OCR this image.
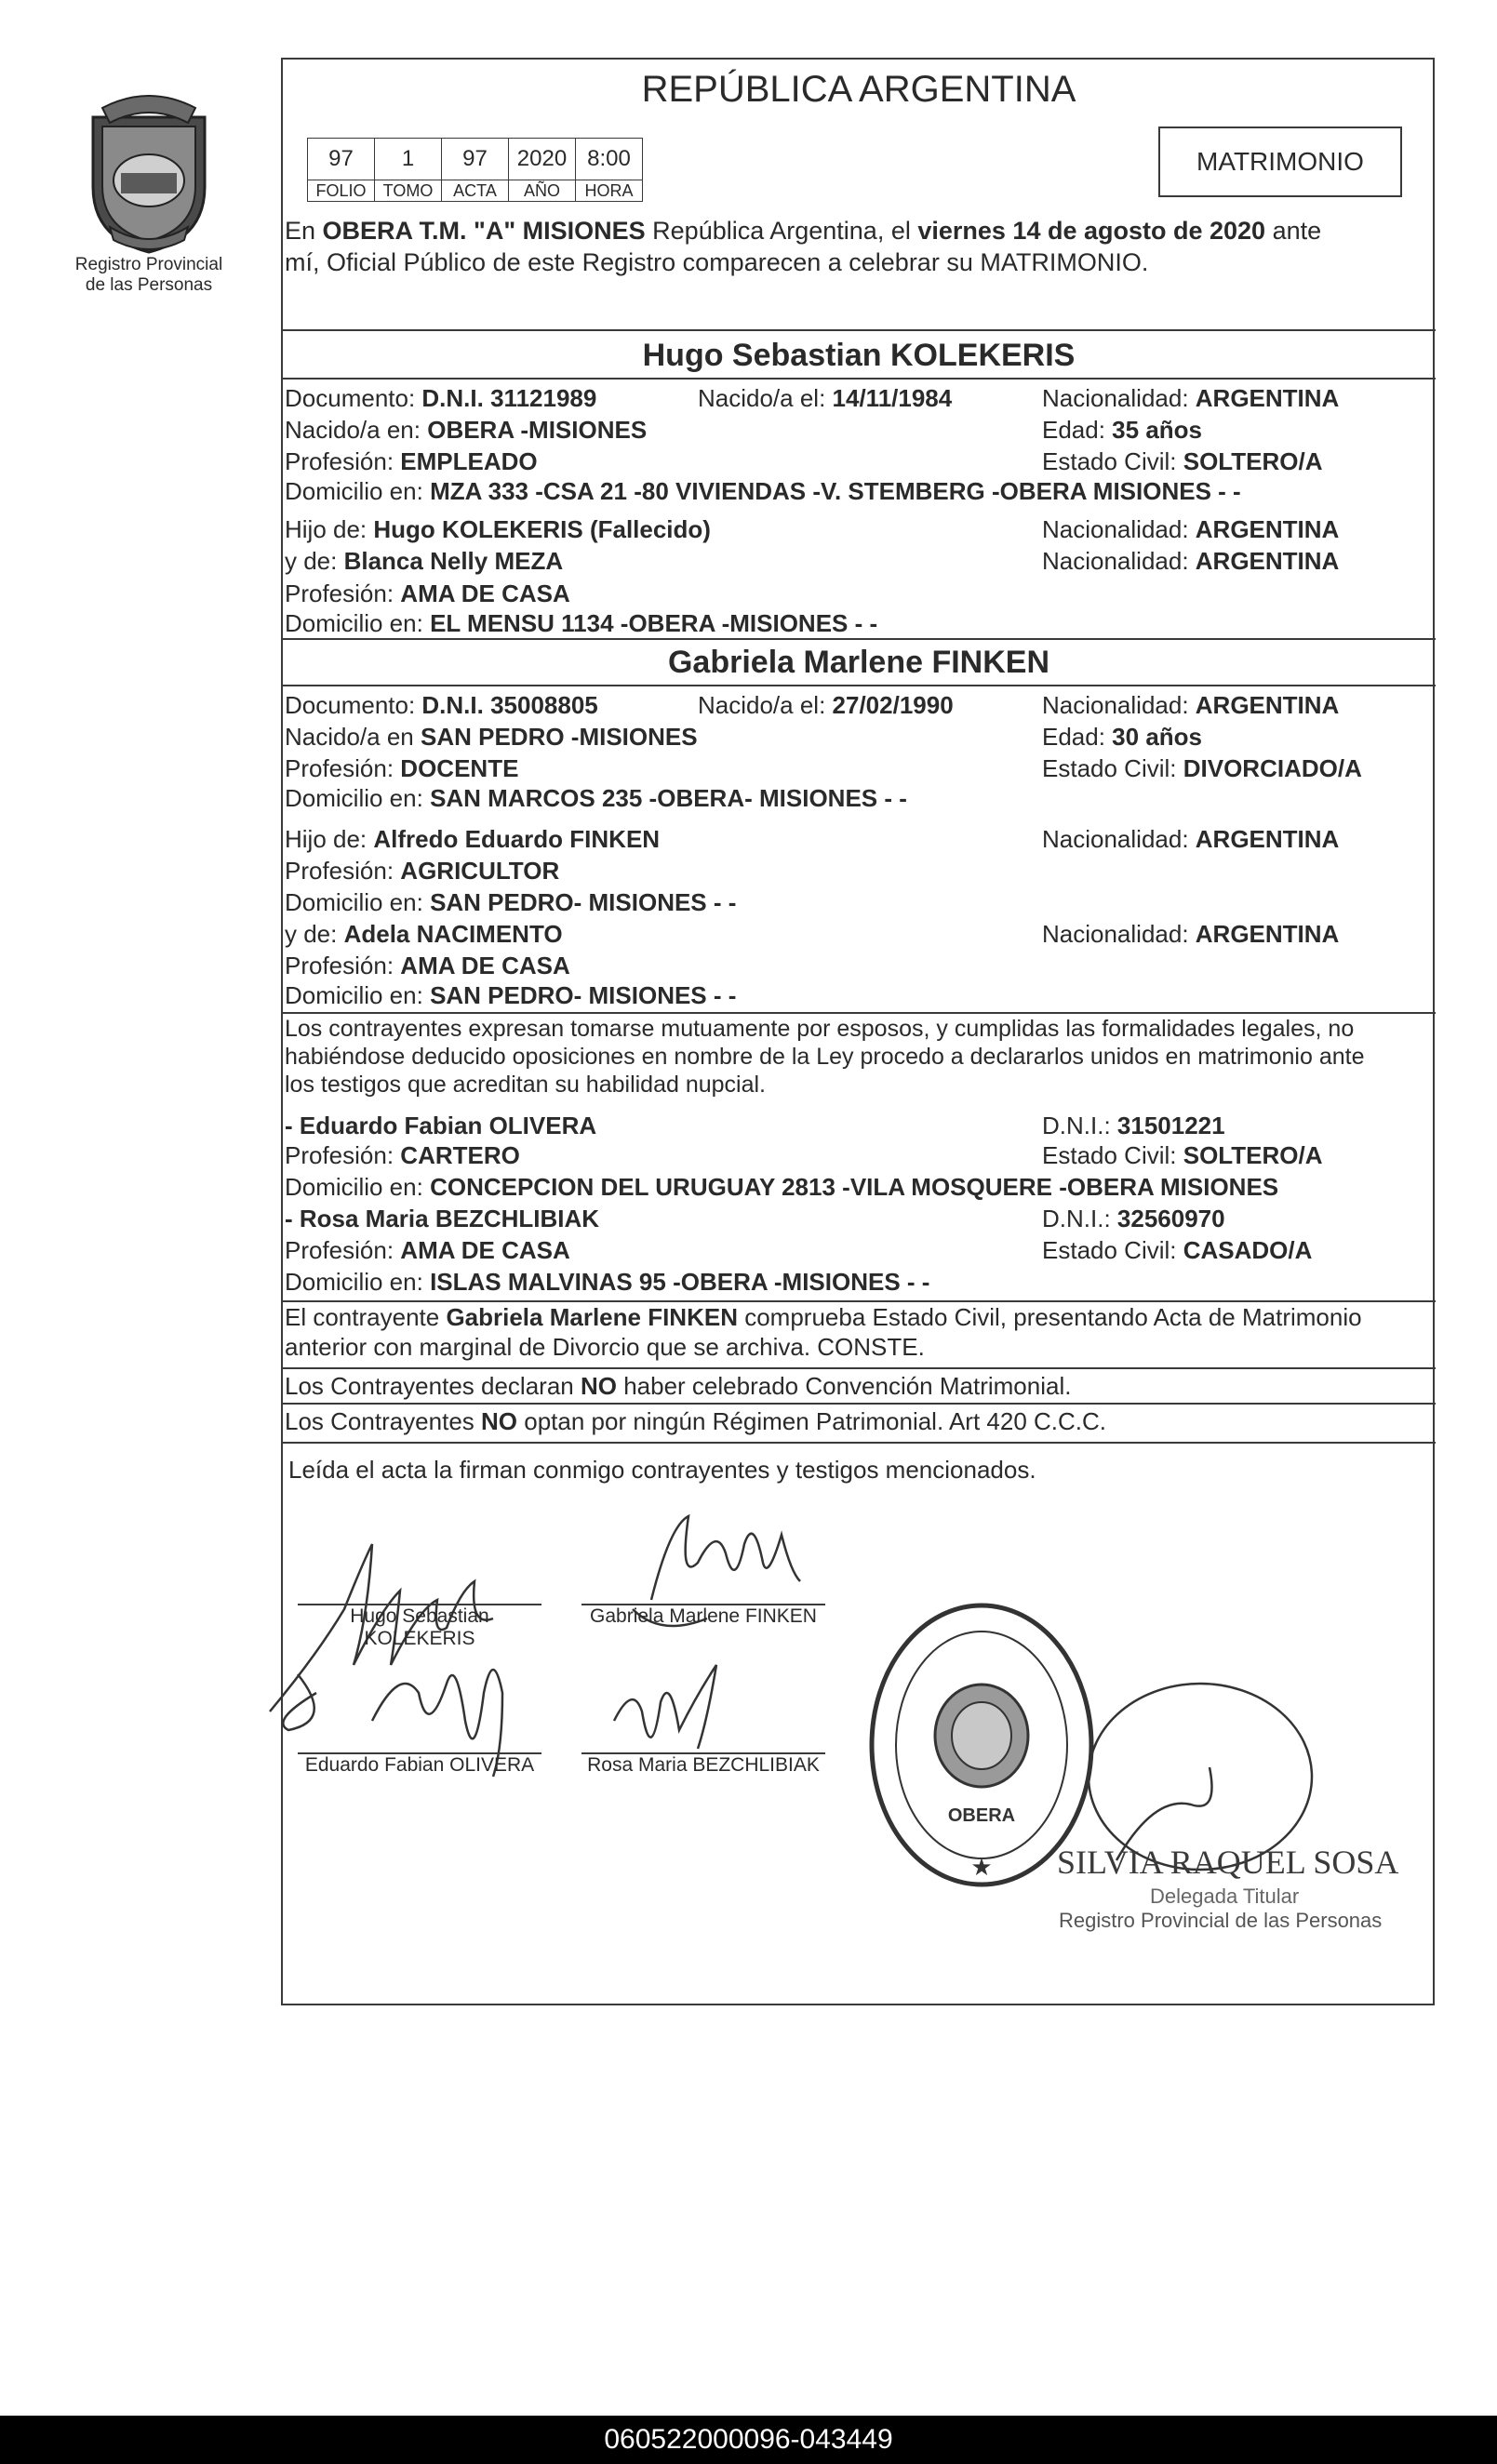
Registro Provincial
de las Personas
REPÚBLICA ARGENTINA
97	1	97	2020	8:00
FOLIO	TOMO	ACTA	AÑO	HORA
MATRIMONIO
En OBERA T.M. "A" MISIONES República Argentina, el viernes 14 de agosto de 2020 ante
mí, Oficial Público de este Registro comparecen a celebrar su MATRIMONIO.
Hugo Sebastian KOLEKERIS
Documento: D.N.I. 31121989	Nacido/a el: 14/11/1984	Nacionalidad: ARGENTINA
Nacido/a en: OBERA -MISIONES	Edad: 35 años
Profesión: EMPLEADO	Estado Civil: SOLTERO/A
Domicilio en: MZA 333 -CSA 21 -80 VIVIENDAS -V. STEMBERG -OBERA MISIONES - -
Hijo de: Hugo KOLEKERIS (Fallecido)	Nacionalidad: ARGENTINA
y de: Blanca Nelly MEZA	Nacionalidad: ARGENTINA
Profesión: AMA DE CASA
Domicilio en: EL MENSU 1134 -OBERA -MISIONES - -
Gabriela Marlene FINKEN
Documento: D.N.I. 35008805	Nacido/a el: 27/02/1990	Nacionalidad: ARGENTINA
Nacido/a en SAN PEDRO -MISIONES	Edad: 30 años
Profesión: DOCENTE	Estado Civil: DIVORCIADO/A
Domicilio en: SAN MARCOS 235 -OBERA- MISIONES - -
Hijo de: Alfredo Eduardo FINKEN	Nacionalidad: ARGENTINA
Profesión: AGRICULTOR
Domicilio en: SAN PEDRO- MISIONES - -
y de: Adela NACIMENTO	Nacionalidad: ARGENTINA
Profesión: AMA DE CASA
Domicilio en: SAN PEDRO- MISIONES - -
Los contrayentes expresan tomarse mutuamente por esposos, y cumplidas las formalidades legales, no
habiéndose deducido oposiciones en nombre de la Ley procedo a declararlos unidos en matrimonio ante
los testigos que acreditan su habilidad nupcial.
- Eduardo Fabian OLIVERA	D.N.I.: 31501221
Profesión: CARTERO	Estado Civil: SOLTERO/A
Domicilio en: CONCEPCION DEL URUGUAY 2813 -VILA MOSQUERE -OBERA MISIONES
- Rosa Maria BEZCHLIBIAK	D.N.I.: 32560970
Profesión: AMA DE CASA	Estado Civil: CASADO/A
Domicilio en: ISLAS MALVINAS 95 -OBERA -MISIONES - -
El contrayente Gabriela Marlene FINKEN comprueba Estado Civil, presentando Acta de Matrimonio
anterior con marginal de Divorcio que se archiva. CONSTE.
Los Contrayentes declaran NO haber celebrado Convención Matrimonial.
Los Contrayentes NO optan por ningún Régimen Patrimonial. Art 420 C.C.C.
Leída el acta la firman conmigo contrayentes y testigos mencionados.
Hugo Sebastian
KOLEKERIS
Gabriela Marlene FINKEN
Eduardo Fabian OLIVERA	Rosa Maria BEZCHLIBIAK
OBERA
★ SILVIA RAQUEL SOSA
Delegada Titular
Registro Provincial de las Personas
060522000096-043449
